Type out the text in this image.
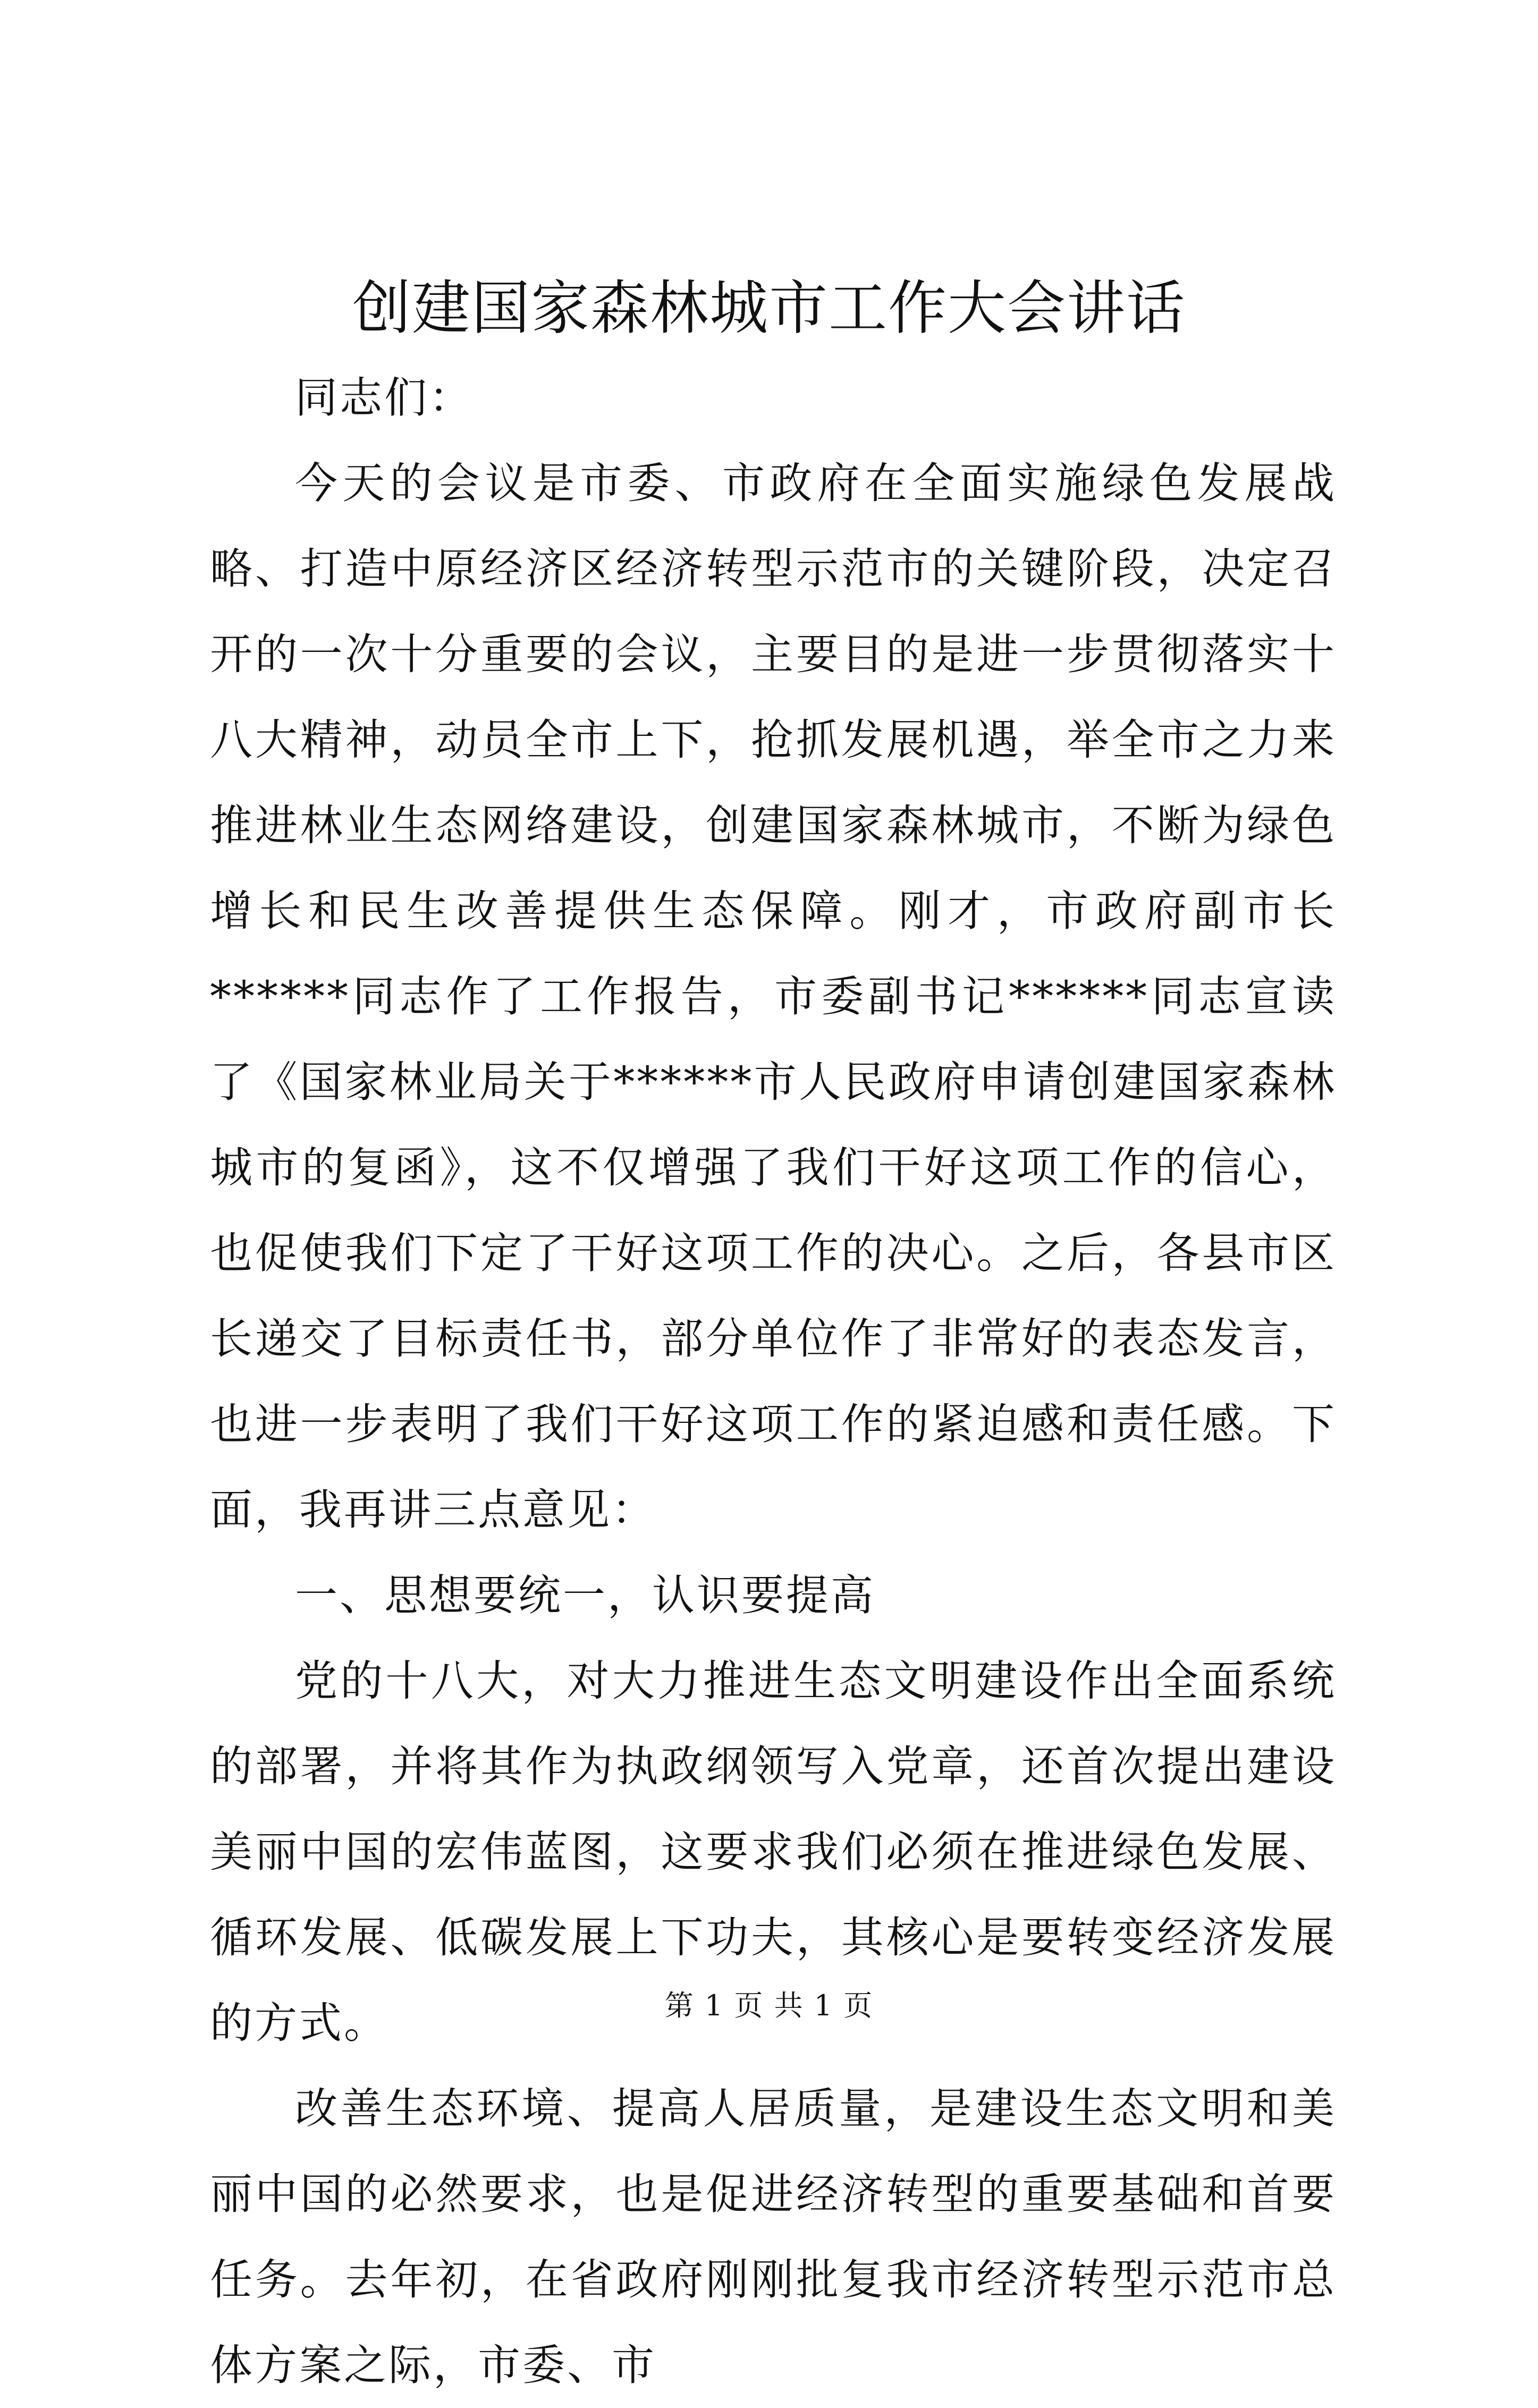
创建国家森林城市工作大会讲话

同志们：

今天的会议是市委、市政府在全面实施绿色发展战略、打造中原经济区经济转型示范市的关键阶段，决定召开的一次十分重要的会议，主要目的是进一步贯彻落实十八大精神，动员全市上下，抢抓发展机遇，举全市之力来推进林业生态网络建设，创建国家森林城市，不断为绿色增长和民生改善提供生态保障。刚才，市政府副市长******同志作了工作报告，市委副书记******同志宣读了《国家林业局关于******市人民政府申请创建国家森林城市的复函》，这不仅增强了我们干好这项工作的信心，也促使我们下定了干好这项工作的决心。之后，各县市区长递交了目标责任书，部分单位作了非常好的表态发言，也进一步表明了我们干好这项工作的紧迫感和责任感。下面，我再讲三点意见：

一、思想要统一，认识要提高

党的十八大，对大力推进生态文明建设作出全面系统的部署，并将其作为执政纲领写入党章，还首次提出建设美丽中国的宏伟蓝图，这要求我们必须在推进绿色发展、循环发展、低碳发展上下功夫，其核心是要转变经济发展的方式。

改善生态环境、提高人居质量，是建设生态文明和美丽中国的必然要求，也是促进经济转型的重要基础和首要任务。去年初，在省政府刚刚批复我市经济转型示范市总体方案之际，市委、市

第 1 页 共 1 页
